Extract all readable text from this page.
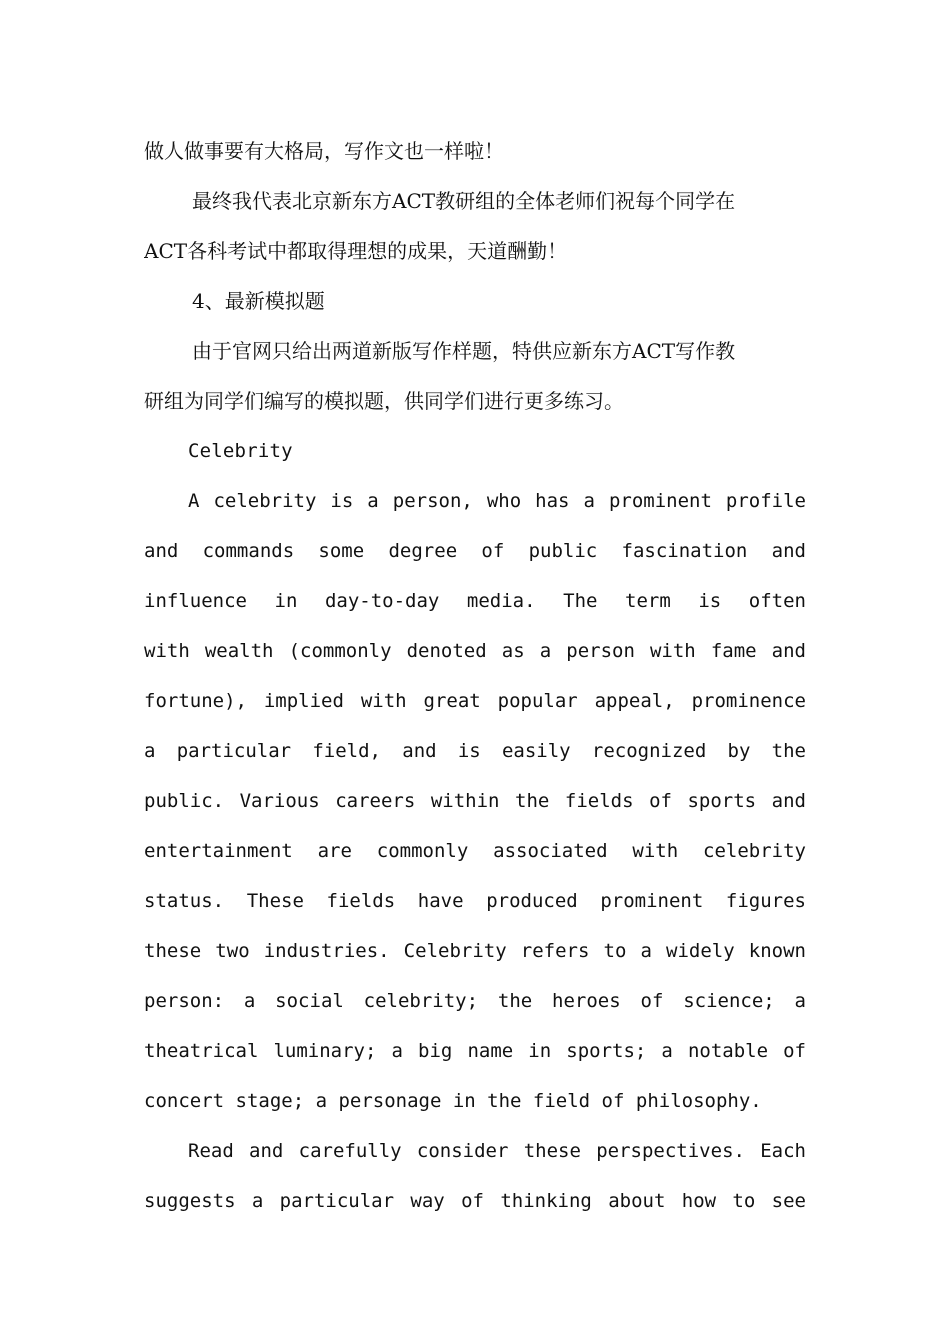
做人做事要有大格局，写作文也一样啦！
最终我代表北京新东方ACT教研组的全体老师们祝每个同学在
ACT各科考试中都取得理想的成果，天道酬勤！
4、最新模拟题
由于官网只给出两道新版写作样题，特供应新东方ACT写作教
研组为同学们编写的模拟题，供同学们进行更多练习。
Celebrity
A celebrity is a person, who has a prominent profile
and commands some degree of public fascination and
influence in day-to-day media. The term is often
with wealth (commonly denoted as a person with fame and
fortune), implied with great popular appeal, prominence
a particular field, and is easily recognized by the
public. Various careers within the fields of sports and
entertainment are commonly associated with celebrity
status. These fields have produced prominent figures
these two industries. Celebrity refers to a widely known
person: a social celebrity; the heroes of science; a
theatrical luminary; a big name in sports; a notable of
concert stage; a personage in the field of philosophy.
Read and carefully consider these perspectives. Each
suggests a particular way of thinking about how to see
